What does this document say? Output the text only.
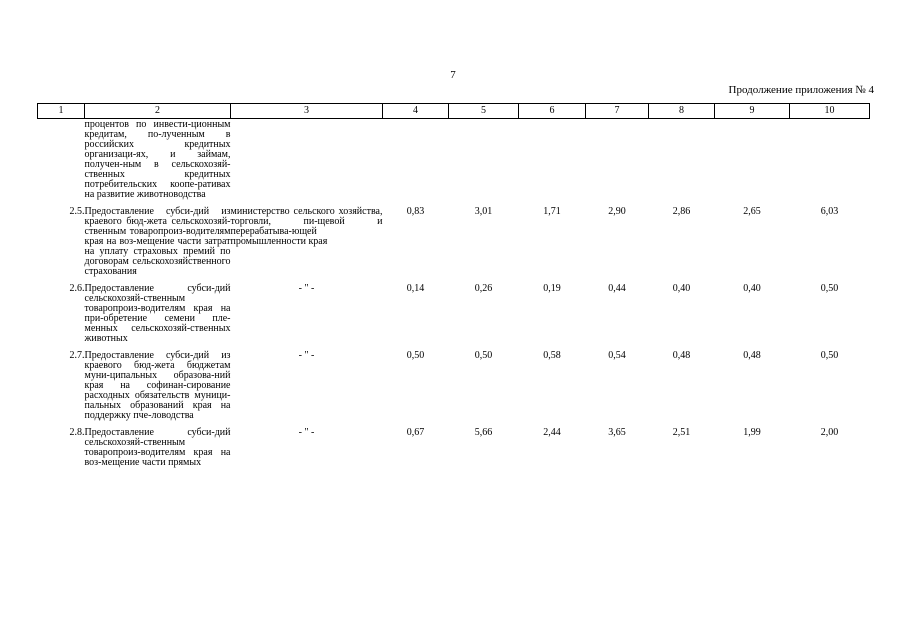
7
Продолжение приложения № 4
1	2	3	4	5	6	7	8	9	10

	процентов по инвести-ционным кредитам, по-лученным в российских кредитных организаци-ях, и займам, получен-ным в сельскохозяй-ственных кредитных потребительских коопе-ративах на развитие животноводства								

2.5.	Предоставление субси-дий из краевого бюд-жета сельскохозяй-ственным товаропроиз-водителям края на воз-мещение части затрат на уплату страховых премий по договорам сельскохозяйственного страхования	министерство сельского хозяйства, торговли, пи-щевой и перерабатыва-ющей промышленности края	0,83	3,01	1,71	2,90	2,86	2,65	6,03
2.6.	Предоставление субси-дий сельскохозяй-ственным товаропроиз-водителям края на при-обретение семени пле-менных сельскохозяй-ственных животных	- " -	0,14	0,26	0,19	0,44	0,40	0,40	0,50
2.7.	Предоставление субси-дий из краевого бюд-жета бюджетам муни-ципальных образова-ний края на софинан-сирование расходных обязательств муници-пальных образований края на поддержку пче-ловодства	- " -	0,50	0,50	0,58	0,54	0,48	0,48	0,50
2.8.	Предоставление субси-дий сельскохозяй-ственным товаропроиз-водителям края на воз-мещение части прямых	- " -	0,67	5,66	2,44	3,65	2,51	1,99	2,00
